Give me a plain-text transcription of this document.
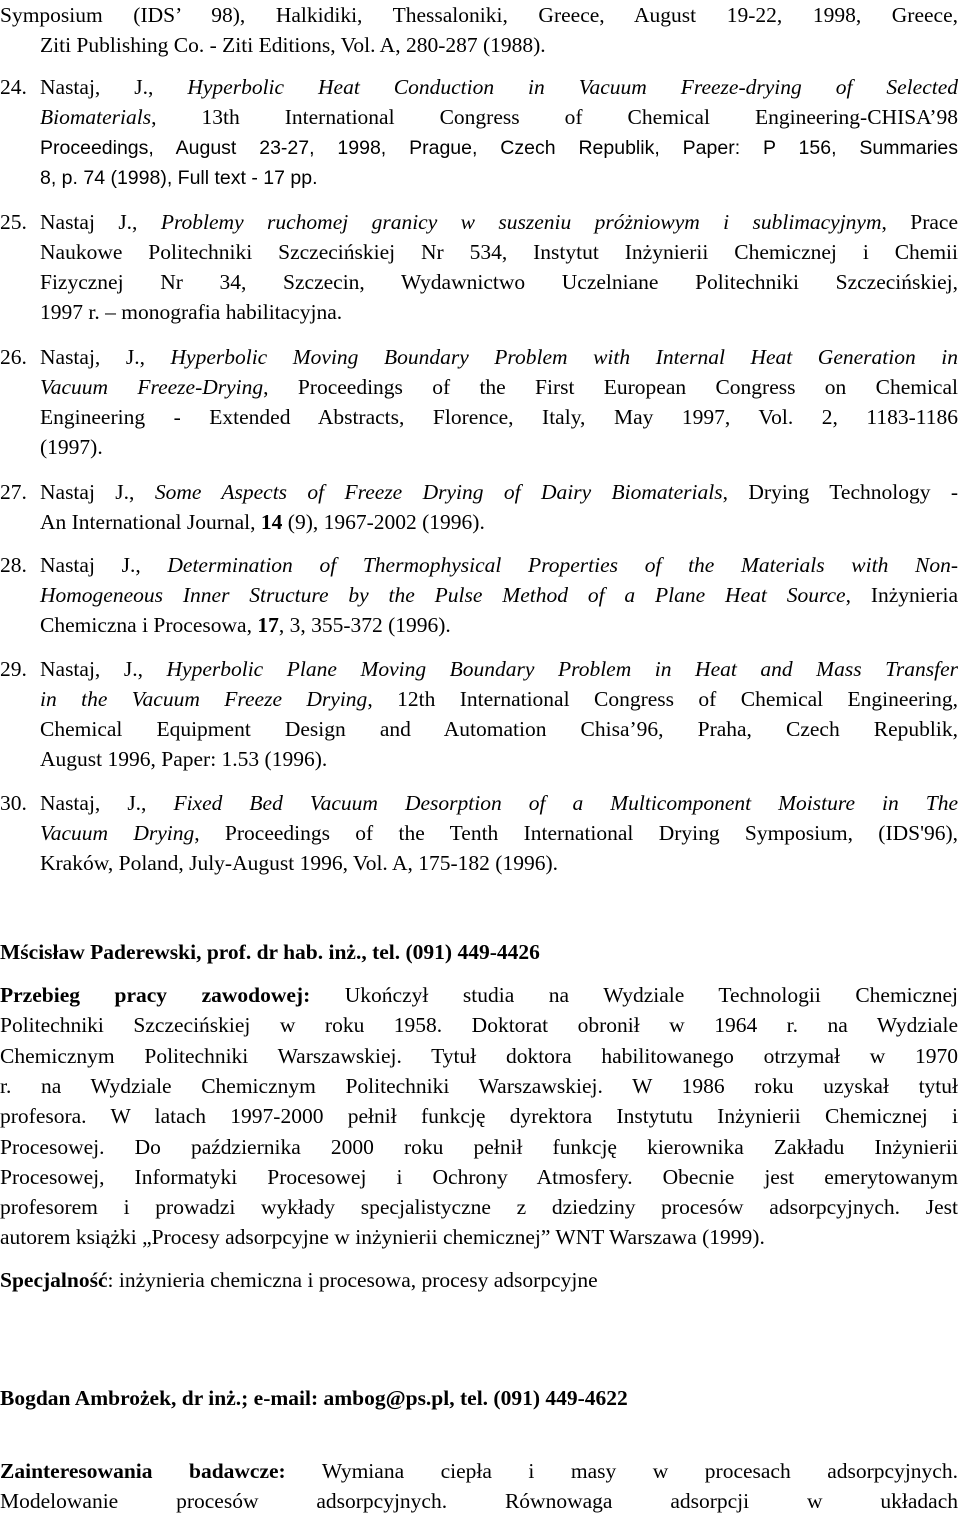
Symposium (IDS’ 98), Halkidiki, Thessaloniki, Greece, August 19-22, 1998, Greece,
Ziti Publishing Co. - Ziti Editions, Vol. A, 280-287 (1988).
24. Nastaj, J., Hyperbolic Heat Conduction in Vacuum Freeze-drying of Selected
Biomaterials, 13th International Congress of Chemical Engineering-CHISA’98
Proceedings, August 23-27, 1998, Prague, Czech Republik, Paper: P 156, Summaries
8, p. 74 (1998), Full text - 17 pp.
25. Nastaj J., Problemy ruchomej granicy w suszeniu próżniowym i sublimacyjnym, Prace
Naukowe Politechniki Szczecińskiej Nr 534, Instytut Inżynierii Chemicznej i Chemii
Fizycznej Nr 34, Szczecin, Wydawnictwo Uczelniane Politechniki Szczecińskiej,
1997 r. – monografia habilitacyjna.
26. Nastaj, J., Hyperbolic Moving Boundary Problem with Internal Heat Generation in
Vacuum Freeze-Drying, Proceedings of the First European Congress on Chemical
Engineering - Extended Abstracts, Florence, Italy, May 1997, Vol. 2, 1183-1186
(1997).
27. Nastaj J., Some Aspects of Freeze Drying of Dairy Biomaterials, Drying Technology -
An International Journal, 14 (9), 1967-2002 (1996).
28. Nastaj J., Determination of Thermophysical Properties of the Materials with Non-
Homogeneous Inner Structure by the Pulse Method of a Plane Heat Source, Inżynieria
Chemiczna i Procesowa, 17, 3, 355-372 (1996).
29. Nastaj, J., Hyperbolic Plane Moving Boundary Problem in Heat and Mass Transfer
in the Vacuum Freeze Drying, 12th International Congress of Chemical Engineering,
Chemical Equipment Design and Automation Chisa’96, Praha, Czech Republik,
August 1996, Paper: 1.53 (1996).
30. Nastaj, J., Fixed Bed Vacuum Desorption of a Multicomponent Moisture in The
Vacuum Drying, Proceedings of the Tenth International Drying Symposium, (IDS'96),
Kraków, Poland, July-August 1996, Vol. A, 175-182 (1996).
Mścisław Paderewski, prof. dr hab. inż., tel. (091) 449-4426
Przebieg pracy zawodowej: Ukończył studia na Wydziale Technologii Chemicznej
Politechniki Szczecińskiej w roku 1958. Doktorat obronił w 1964 r. na Wydziale
Chemicznym Politechniki Warszawskiej. Tytuł doktora habilitowanego otrzymał w 1970
r. na Wydziale Chemicznym Politechniki Warszawskiej. W 1986 roku uzyskał tytuł
profesora. W latach 1997-2000 pełnił funkcję dyrektora Instytutu Inżynierii Chemicznej i
Procesowej. Do października 2000 roku pełnił funkcję kierownika Zakładu Inżynierii
Procesowej, Informatyki Procesowej i Ochrony Atmosfery. Obecnie jest emerytowanym
profesorem i prowadzi wykłady specjalistyczne z dziedziny procesów adsorpcyjnych. Jest
autorem książki „Procesy adsorpcyjne w inżynierii chemicznej” WNT Warszawa (1999).
Specjalność: inżynieria chemiczna i procesowa, procesy adsorpcyjne
Bogdan Ambrożek, dr inż.; e-mail: ambog@ps.pl, tel. (091) 449-4622
Zainteresowania badawcze: Wymiana ciepła i masy w procesach adsorpcyjnych.
Modelowanie procesów adsorpcyjnych. Równowaga adsorpcji w układach
